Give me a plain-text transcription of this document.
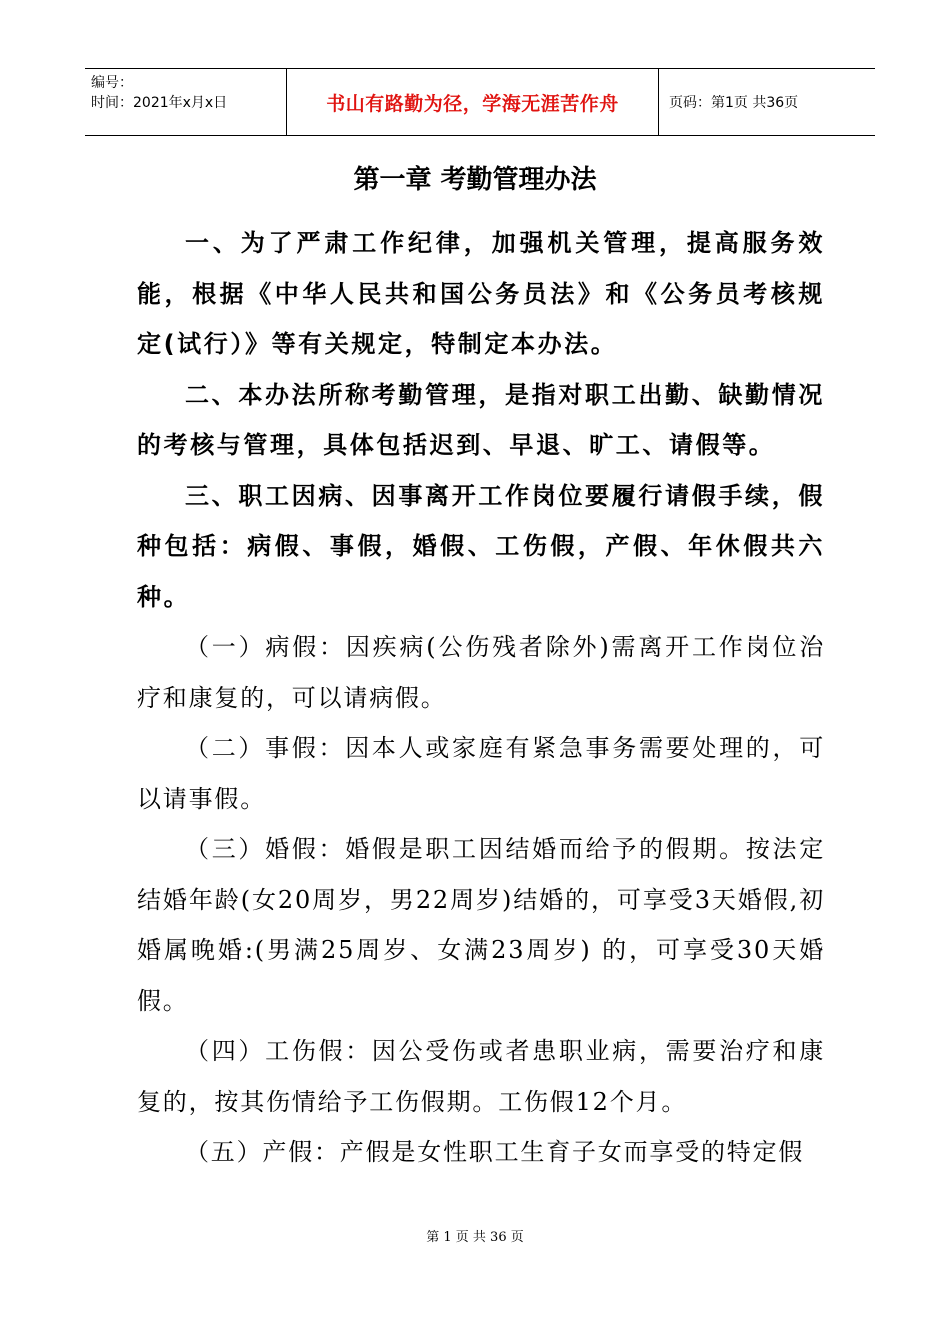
编号：
时间：2021年x月x日	书山有路勤为径，学海无涯苦作舟	页码：第1页 共36页
第一章 考勤管理办法

一、为了严肃工作纪律，加强机关管理，提高服务效能，根据《中华人民共和国公务员法》和《公务员考核规定(试行）》等有关规定，特制定本办法。

二、本办法所称考勤管理，是指对职工出勤、缺勤情况的考核与管理，具体包括迟到、早退、旷工、请假等。

三、职工因病、因事离开工作岗位要履行请假手续，假种包括：病假、事假，婚假、工伤假，产假、年休假共六种。

（一）病假：因疾病(公伤残者除外)需离开工作岗位治疗和康复的，可以请病假。

（二）事假：因本人或家庭有紧急事务需要处理的，可以请事假。

（三）婚假：婚假是职工因结婚而给予的假期。按法定结婚年龄(女20周岁，男22周岁)结婚的，可享受3天婚假,初婚属晚婚:(男满25周岁、女满23周岁) 的，可享受30天婚假。

（四）工伤假：因公受伤或者患职业病，需要治疗和康复的，按其伤情给予工伤假期。工伤假12个月。

（五）产假：产假是女性职工生育子女而享受的特定假

第 1 页 共 36 页
